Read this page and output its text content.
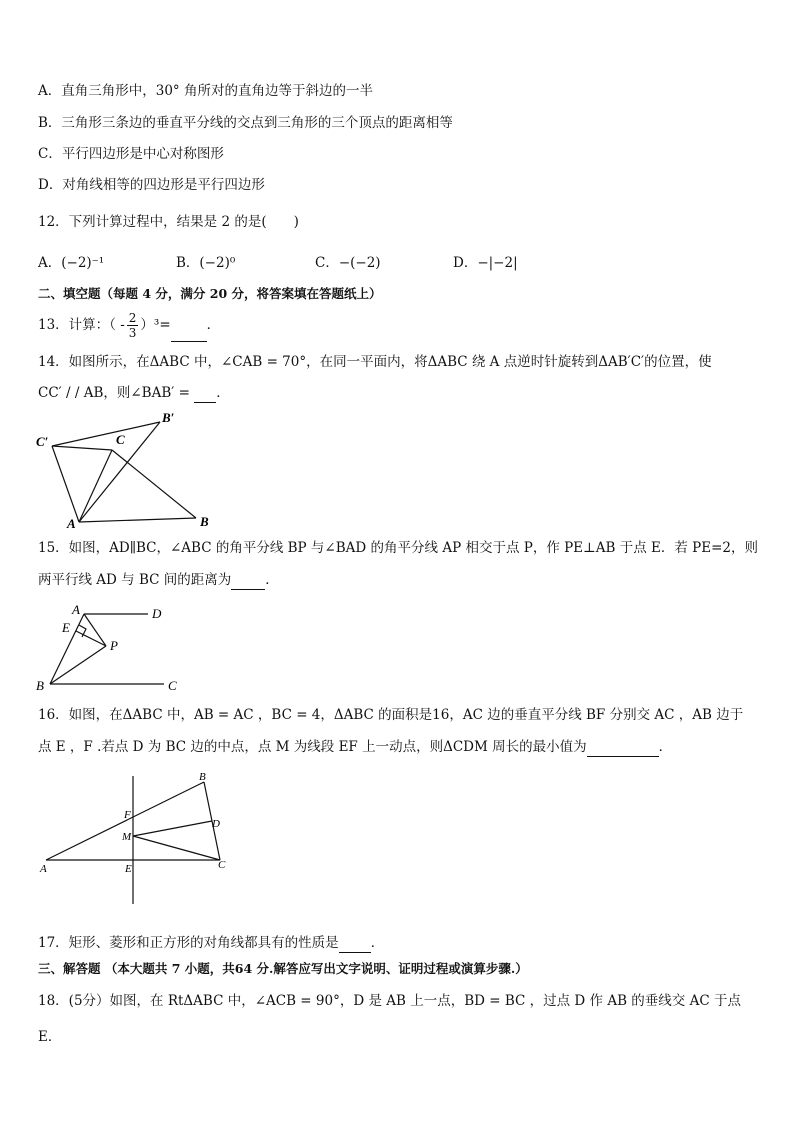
A．直角三角形中，30° 角所对的直角边等于斜边的一半
B．三角形三条边的垂直平分线的交点到三角形的三个顶点的距离相等
C．平行四边形是中心对称图形
D．对角线相等的四边形是平行四边形
12．下列计算过程中，结果是 2 的是(　　)
A．(−2)⁻¹	B．(−2)⁰	C．−(−2)	D．−|−2|
二、填空题（每题 4 分，满分 20 分，将答案填在答题纸上）
13．计算：（ - $\frac{2}{3} )^3=$	．
14．如图所示，在ΔABC 中，∠CAB = 70°，在同一平面内，将ΔABC 绕 A 点逆时针旋转到ΔAB′C′的位置，使
CC′ / / AB，则∠BAB′ = ．
C′	C
B′
A	B
15．如图，AD∥BC，∠ABC 的角平分线 BP 与∠BAD 的角平分线 AP 相交于点 P，作 PE⊥AB 于点 E．若 PE=2，则
两平行线 AD 与 BC 间的距离为	．
A	D
E
P
B	C
16．如图，在ΔABC 中，AB = AC ，BC = 4，ΔABC 的面积是16，AC 边的垂直平分线 BF 分别交 AC ，AB 边于
点 E ，F .若点 D 为 BC 边的中点，点 M 为线段 EF 上一动点，则ΔCDM 周长的最小值为	．
B
F
D
M
A	E	C
17．矩形、菱形和正方形的对角线都具有的性质是 ．
三、解答题 （本大题共 7 小题，共64 分.解答应写出文字说明、证明过程或演算步骤.）
18．(5分）如图，在 RtΔABC 中，∠ACB = 90°，D 是 AB 上一点，BD = BC ，过点 D 作 AB 的垂线交 AC 于点
E．
